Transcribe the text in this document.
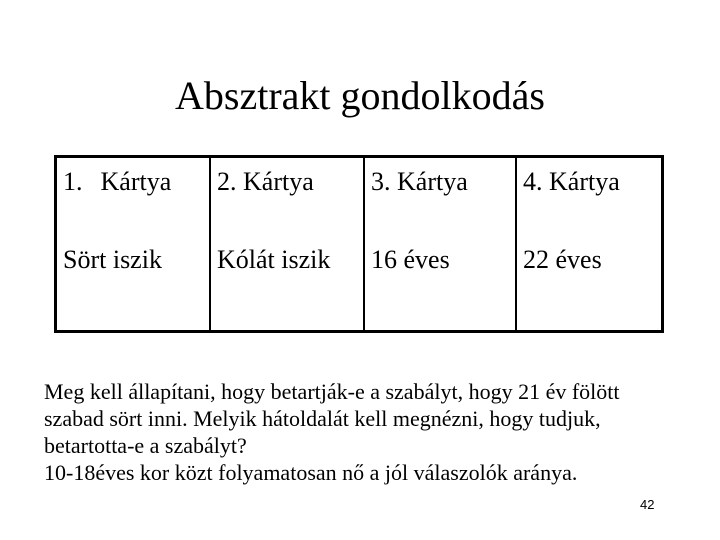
Absztrakt gondolkodás
1. Kártya
Sört iszik
2. Kártya
Kólát iszik
3. Kártya
16 éves
4. Kártya
22 éves
Meg kell állapítani, hogy betartják-e a szabályt, hogy 21 év fölött
szabad sört inni. Melyik hátoldalát kell megnézni, hogy tudjuk,
betartotta-e a szabályt?
10-18éves kor közt folyamatosan nő a jól válaszolók aránya.
42
